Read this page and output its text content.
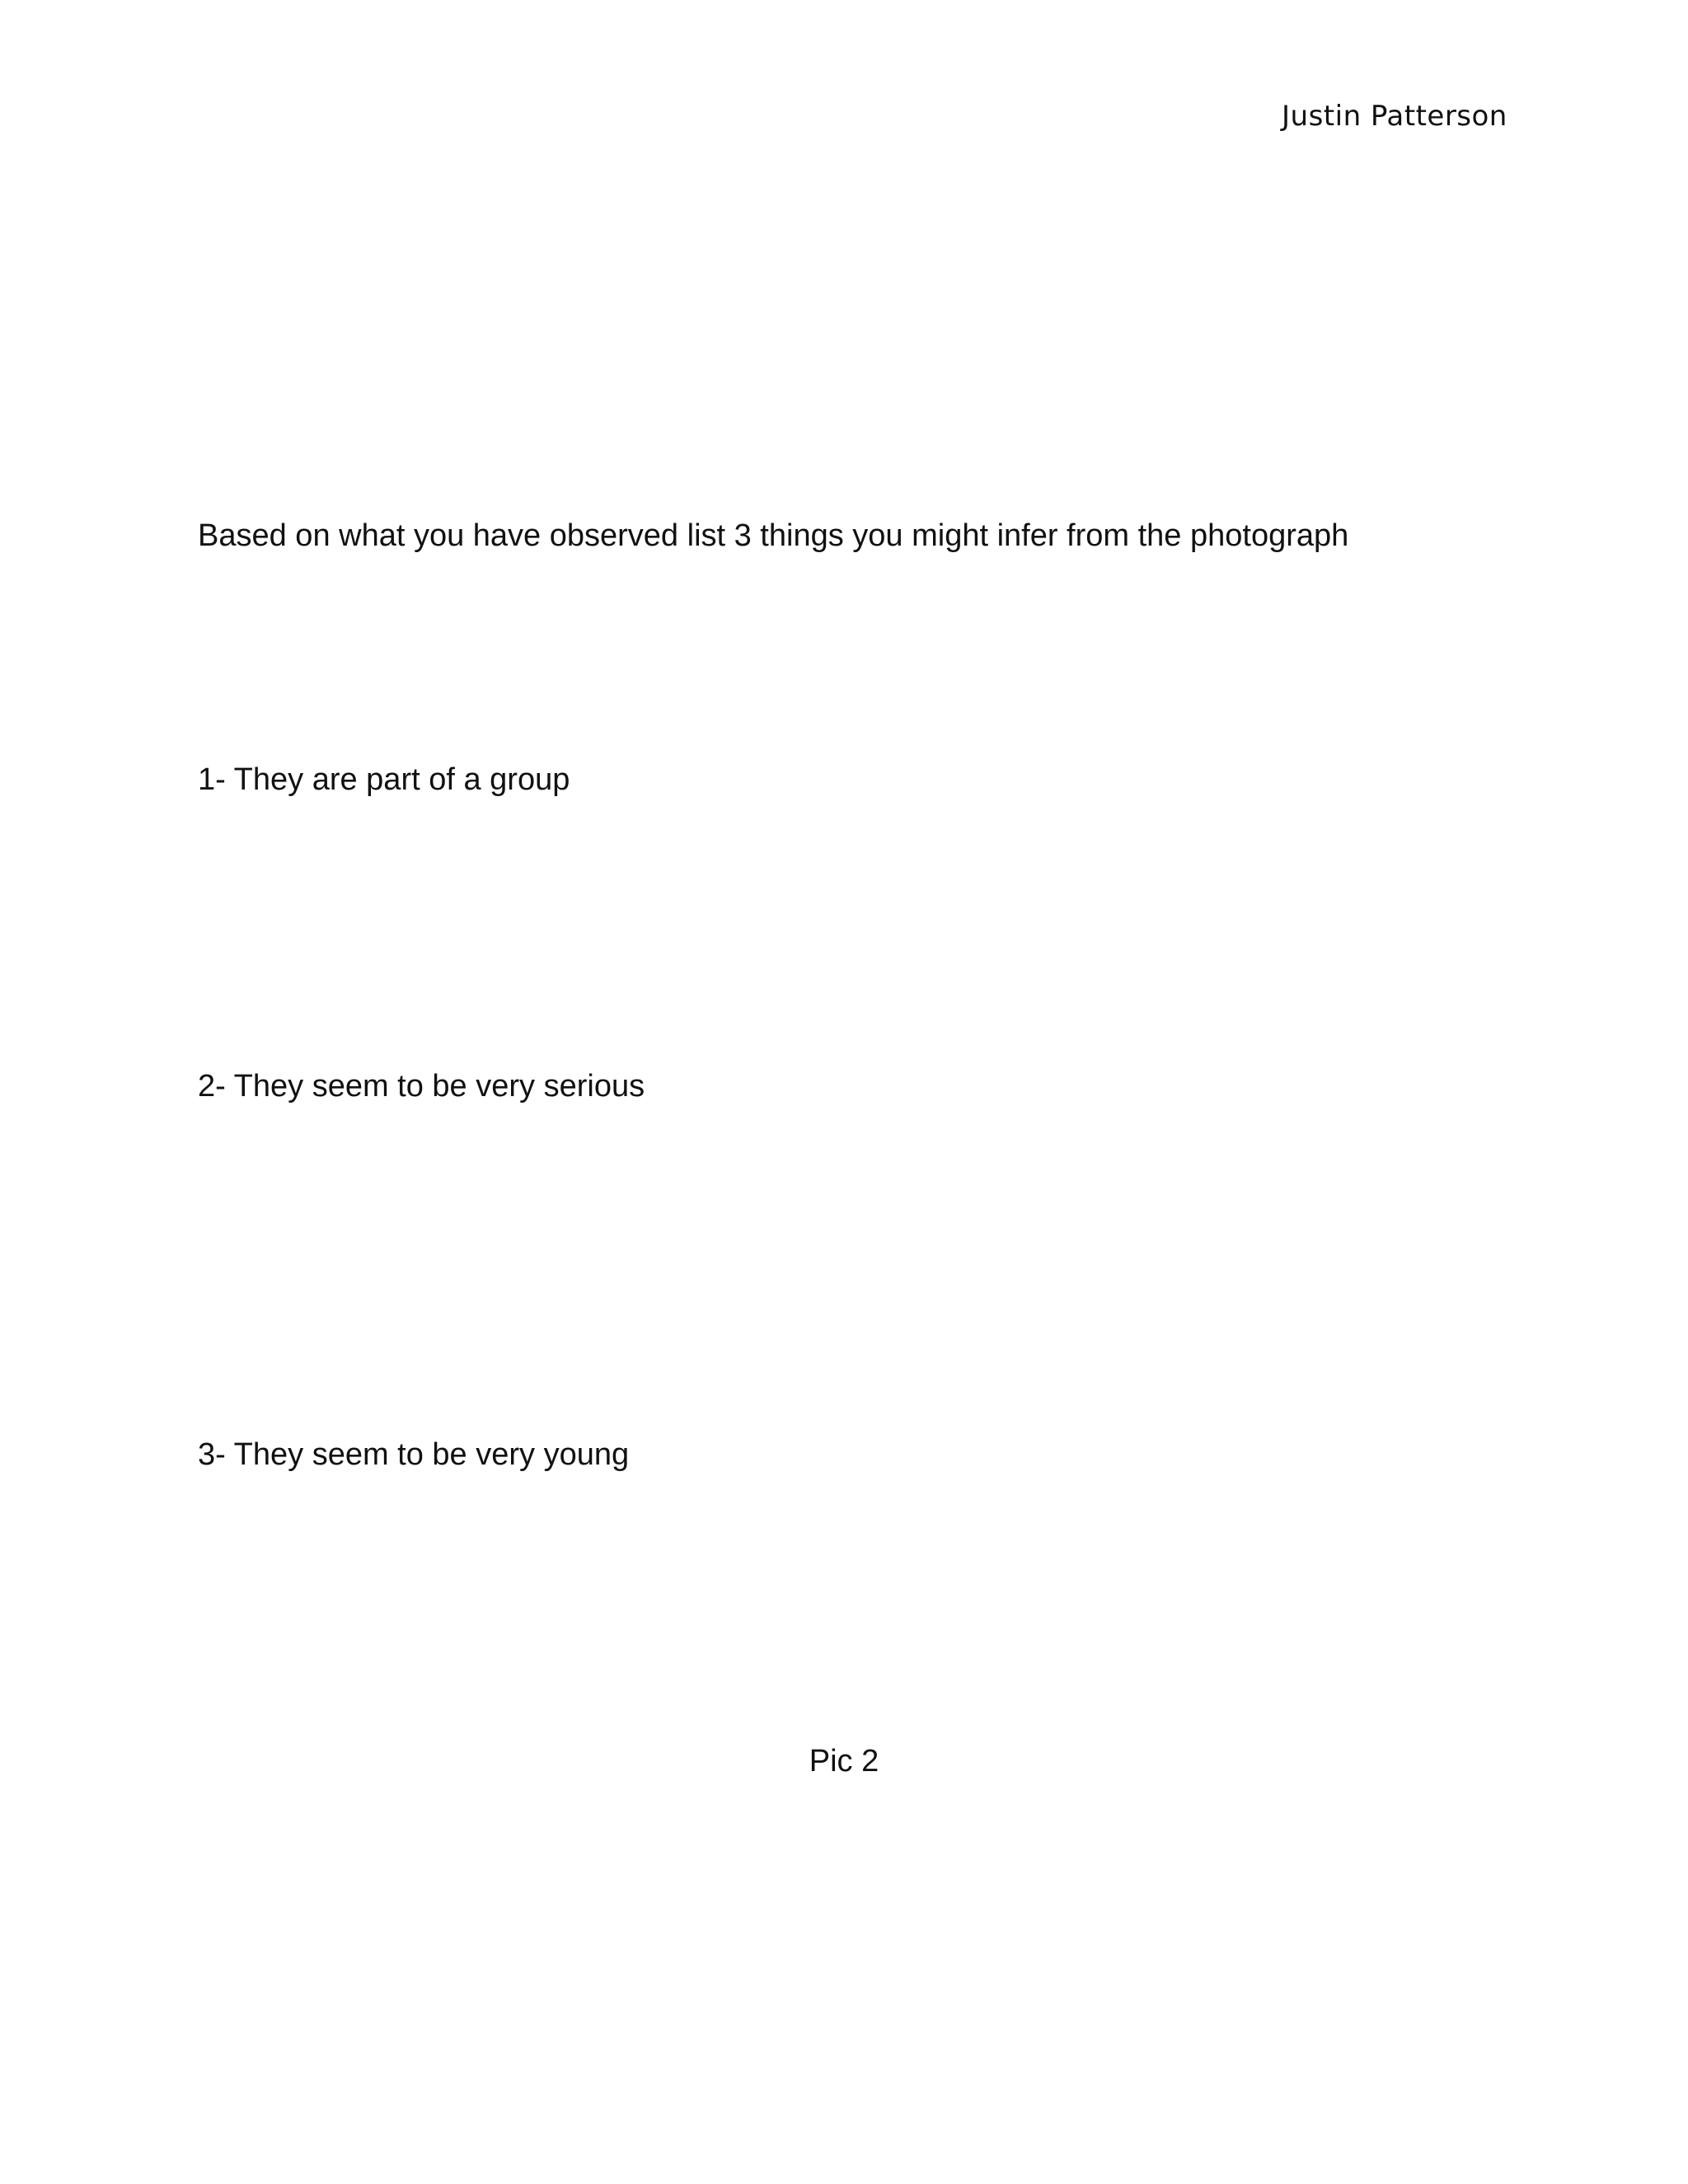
Justin Patterson
Based on what you have observed list 3 things you might infer from the photograph
1- They are part of a group
2- They seem to be very serious
3- They seem to be very young
Pic 2
